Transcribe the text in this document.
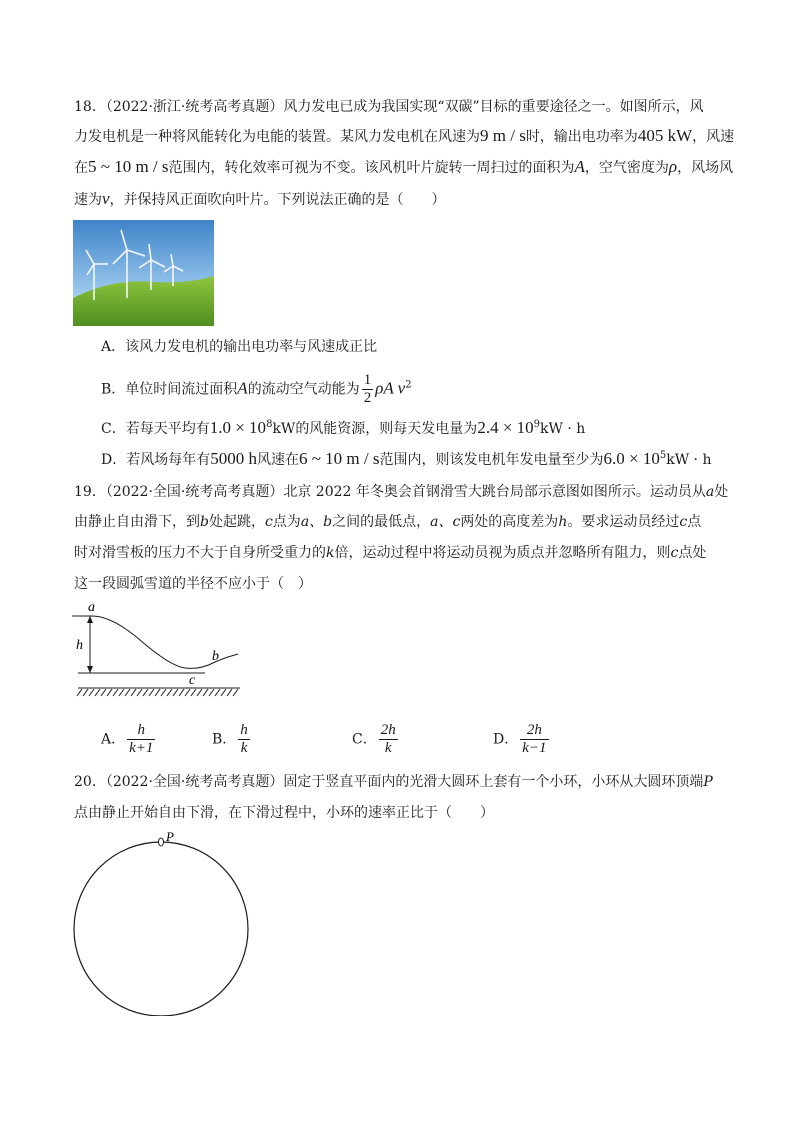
18．（2022·浙江·统考高考真题）风力发电已成为我国实现“双碳”目标的重要途径之一。如图所示，风
力发电机是一种将风能转化为电能的装置。某风力发电机在风速为9 m / s时，输出电功率为405 kW，风速
在5 ~ 10 m / s范围内，转化效率可视为不变。该风机叶片旋转一周扫过的面积为A，空气密度为ρ，风场风
速为v，并保持风正面吹向叶片。下列说法正确的是（　　）
A．该风力发电机的输出电功率与风速成正比
B．单位时间流过面积A的流动空气动能为 $\frac{1}{2}$ ρA $v^2$
C．若每天平均有$1.0 \times 10^8kW$的风能资源，则每天发电量为$2.4 \times 10^9kW \cdot h$
D．若风场每年有5000 h风速在6 ~ 10 m / s范围内，则该发电机年发电量至少为$6.0 \times 10^5kW \cdot h$
19．（2022·全国·统考高考真题）北京 2022 年冬奥会首钢滑雪大跳台局部示意图如图所示。运动员从a处
由静止自由滑下，到b处起跳，c点为a、b之间的最低点，a、c两处的高度差为h。要求运动员经过c点
时对滑雪板的压力不大于自身所受重力的k倍，运动过程中将运动员视为质点并忽略所有阻力，则c点处
这一段圆弧雪道的半径不应小于（　）
a
h
c
b
A． $\frac{h}{k+1}$	B． $\frac{h}{k}$	C． $\frac{2h}{k}$	D． $\frac{2h}{k-1}$
20．（2022·全国·统考高考真题）固定于竖直平面内的光滑大圆环上套有一个小环，小环从大圆环顶端P
点由静止开始自由下滑，在下滑过程中，小环的速率正比于（　　）
P
